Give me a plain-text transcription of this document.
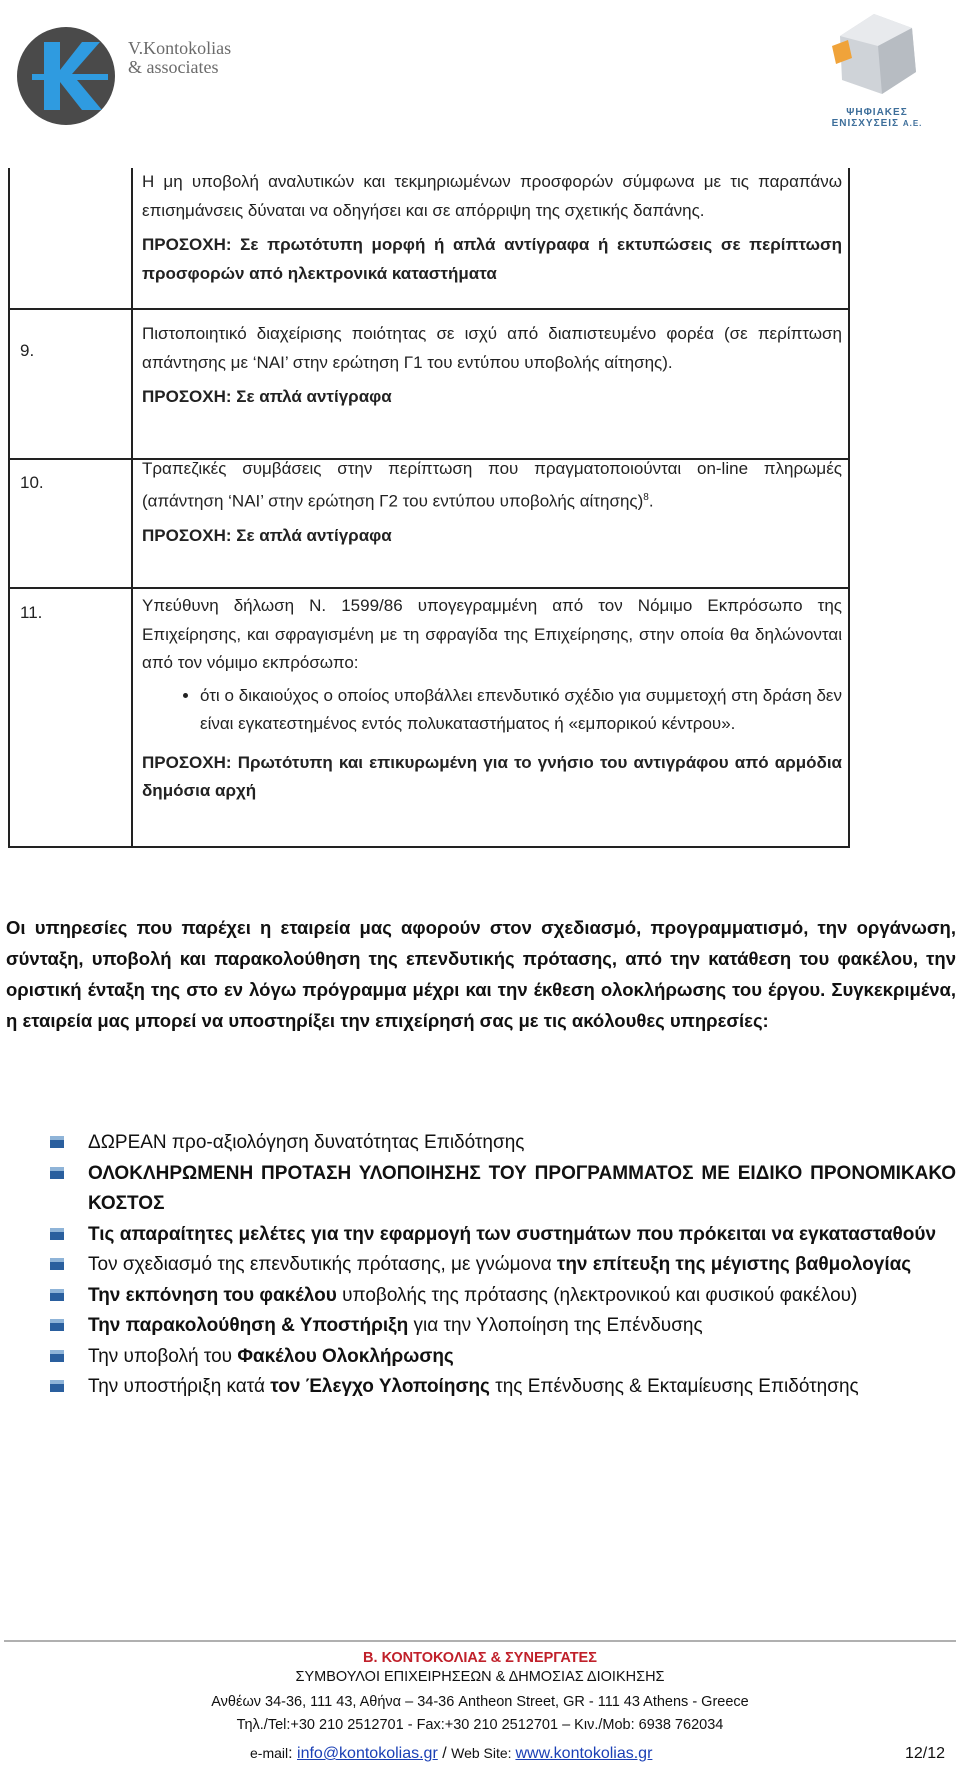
V.Kontokolias
& associates
ΨΗΦΙΑΚΕΣ
ΕΝΙΣΧΥΣΕΙΣ Α.Ε.

Η μη υποβολή αναλυτικών και τεκμηριωμένων προσφορών σύμφωνα με τις παραπάνω επισημάνσεις δύναται να οδηγήσει και σε απόρριψη της σχετικής δαπάνης.

ΠΡΟΣΟΧΗ: Σε πρωτότυπη μορφή ή απλά αντίγραφα ή εκτυπώσεις σε περίπτωση προσφορών από ηλεκτρονικά καταστήματα

9.

Πιστοποιητικό διαχείρισης ποιότητας σε ισχύ από διαπιστευμένο φορέα (σε περίπτωση απάντησης με ‘ΝΑΙ’ στην ερώτηση Γ1 του εντύπου υποβολής αίτησης).

ΠΡΟΣΟΧΗ: Σε απλά αντίγραφα

10.

Τραπεζικές συμβάσεις στην περίπτωση που πραγματοποιούνται on-line πληρωμές (απάντηση ‘ΝΑΙ’ στην ερώτηση Γ2 του εντύπου υποβολής αίτησης)$^8$.

ΠΡΟΣΟΧΗ: Σε απλά αντίγραφα

11.	Υπεύθυνη δήλωση Ν. 1599/86 υπογεγραμμένη από τον Νόμιμο Εκπρόσωπο της Επιχείρησης, και σφραγισμένη με τη σφραγίδα της Επιχείρησης, στην οποία θα δηλώνονται από τον νόμιμο εκπρόσωπο:

• ότι ο δικαιούχος ο οποίος υποβάλλει επενδυτικό σχέδιο για συμμετοχή στη δράση δεν είναι εγκατεστημένος εντός πολυκαταστήματος ή «εμπορικού κέντρου».

ΠΡΟΣΟΧΗ: Πρωτότυπη και επικυρωμένη για το γνήσιο του αντιγράφου από αρμόδια δημόσια αρχή

Οι υπηρεσίες που παρέχει η εταιρεία μας αφορούν στον σχεδιασμό, προγραμματισμό, την οργάνωση, σύνταξη, υποβολή και παρακολούθηση της επενδυτικής πρότασης, από την κατάθεση του φακέλου, την οριστική ένταξη της στο εν λόγω πρόγραμμα μέχρι και την έκθεση ολοκλήρωσης του έργου. Συγκεκριμένα, η εταιρεία μας μπορεί να υποστηρίξει την επιχείρησή σας με τις ακόλουθες υπηρεσίες:
ΔΩΡΕΑΝ προ-αξιολόγηση δυνατότητας Επιδότησης
ΟΛΟΚΛΗΡΩΜΕΝΗ ΠΡΟΤΑΣΗ ΥΛΟΠΟΙΗΣΗΣ ΤΟΥ ΠΡΟΓΡΑΜΜΑΤΟΣ ΜΕ ΕΙΔΙΚΟ ΠΡΟΝΟΜΙΚΑΚΟ ΚΟΣΤΟΣ
Τις απαραίτητες μελέτες για την εφαρμογή των συστημάτων που πρόκειται να εγκατασταθούν
Τον σχεδιασμό της επενδυτικής πρότασης, με γνώμονα την επίτευξη της μέγιστης βαθμολογίας
Την εκπόνηση του φακέλου υποβολής της πρότασης (ηλεκτρονικού και φυσικού φακέλου)
Την παρακολούθηση & Υποστήριξη για την Υλοποίηση της Επένδυσης
Την υποβολή του Φακέλου Ολοκλήρωσης
Την υποστήριξη κατά τον Έλεγχο Υλοποίησης της Επένδυσης & Εκταμίευσης Επιδότησης
Β. ΚΟΝΤΟΚΟΛΙΑΣ & ΣΥΝΕΡΓΑΤΕΣ
ΣΥΜΒΟΥΛΟΙ ΕΠΙΧΕΙΡΗΣΕΩΝ & ΔΗΜΟΣΙΑΣ ΔΙΟΙΚΗΣΗΣ
Ανθέων 34-36, 111 43, Αθήνα – 34-36 Antheon Street, GR - 111 43 Athens - Greece
Τηλ./Tel:+30 210 2512701 - Fax:+30 210 2512701 – Κιν./Mob: 6938 762034
e-mail: info@kontokolias.gr / Web Site: www.kontokolias.gr	12/12
